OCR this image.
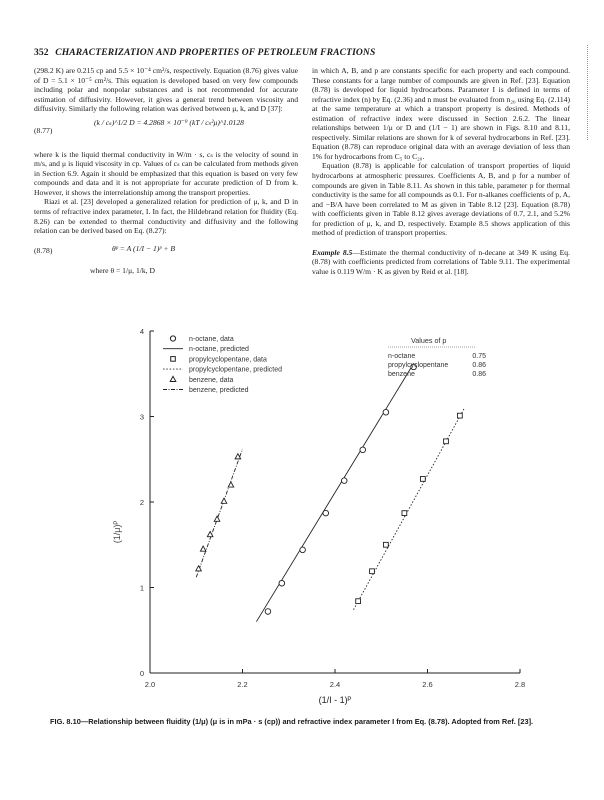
352 CHARACTERIZATION AND PROPERTIES OF PETROLEUM FRACTIONS

(298.2 K) are 0.215 cp and 5.5 × 10⁻⁴ cm²/s, respectively. Equation (8.76) gives value of D = 5.1 × 10⁻⁵ cm²/s. This equation is developed based on very few compounds including polar and nonpolar substances and is not recommended for accurate estimation of diffusivity. However, it gives a general trend between viscosity and diffusivity. Similarly the following relation was derived between μ, k, and D [37]:

(8.77)
(k / cₛ)^1/2 D = 4.2868 × 10⁻⁹ (kT / cₛ²μ)^1.0128

where k is the liquid thermal conductivity in W/m · s, cₛ is the velocity of sound in m/s, and μ is liquid viscosity in cp. Values of cₛ can be calculated from methods given in Section 6.9. Again it should be emphasized that this equation is based on very few compounds and data and it is not appropriate for accurate prediction of D from k. However, it shows the interrelationship among the transport properties.

Riazi et al. [23] developed a generalized relation for prediction of μ, k, and D in terms of refractive index parameter, I. In fact, the Hildebrand relation for fluidity (Eq. 8.26) can be extended to thermal conductivity and diffusivity and the following relation can be derived based on Eq. (8.27):

(8.78)	θᵖ = A (1/I − 1)ᵖ + B
where θ = 1/μ, 1/k, D

in which A, B, and p are constants specific for each property and each compound. These constants for a large number of compounds are given in Ref. [23]. Equation (8.78) is developed for liquid hydrocarbons. Parameter I is defined in terms of refractive index (n) by Eq. (2.36) and n must be evaluated from n₂₀ using Eq. (2.114) at the same temperature at which a transport property is desired. Methods of estimation of refractive index were discussed in Section 2.6.2. The linear relationships between 1/μ or D and (1/I − 1) are shown in Figs. 8.10 and 8.11, respectively. Similar relations are shown for k of several hydrocarbons in Ref. [23]. Equation (8.78) can reproduce original data with an average deviation of less than 1% for hydrocarbons from C₅ to C₂₀.

Equation (8.78) is applicable for calculation of transport properties of liquid hydrocarbons at atmospheric pressures. Coefficients A, B, and p for a number of compounds are given in Table 8.11. As shown in this table, parameter p for thermal conductivity is the same for all compounds as 0.1. For n-alkanes coefficients of p, A, and −B/A have been correlated to M as given in Table 8.12 [23]. Equation (8.78) with coefficients given in Table 8.12 gives average deviations of 0.7, 2.1, and 5.2% for prediction of μ, k, and D, respectively. Example 8.5 shows application of this method of prediction of transport properties.

Example 8.5—Estimate the thermal conductivity of n-decane at 349 K using Eq. (8.78) with coefficients predicted from correlations of Table 9.11. The experimental value is 0.119 W/m · K as given by Reid et al. [18].

2.0	2.2	2.4	2.6	2.8
0
1
2
3
4
(1/I - 1)ᴾ
(1/μ)ᴾ
n-octane, data
n-octane, predicted
propylcyclopentane, data
propylcyclopentane, predicted
benzene, data
benzene, predicted
Values of p
n-octane	0.75
propylcyclopentane	0.86
benzene	0.86
FIG. 8.10—Relationship between fluidity (1/μ) (μ is in mPa · s (cp)) and refractive index parameter I from Eq. (8.78). Adopted from Ref. [23].
